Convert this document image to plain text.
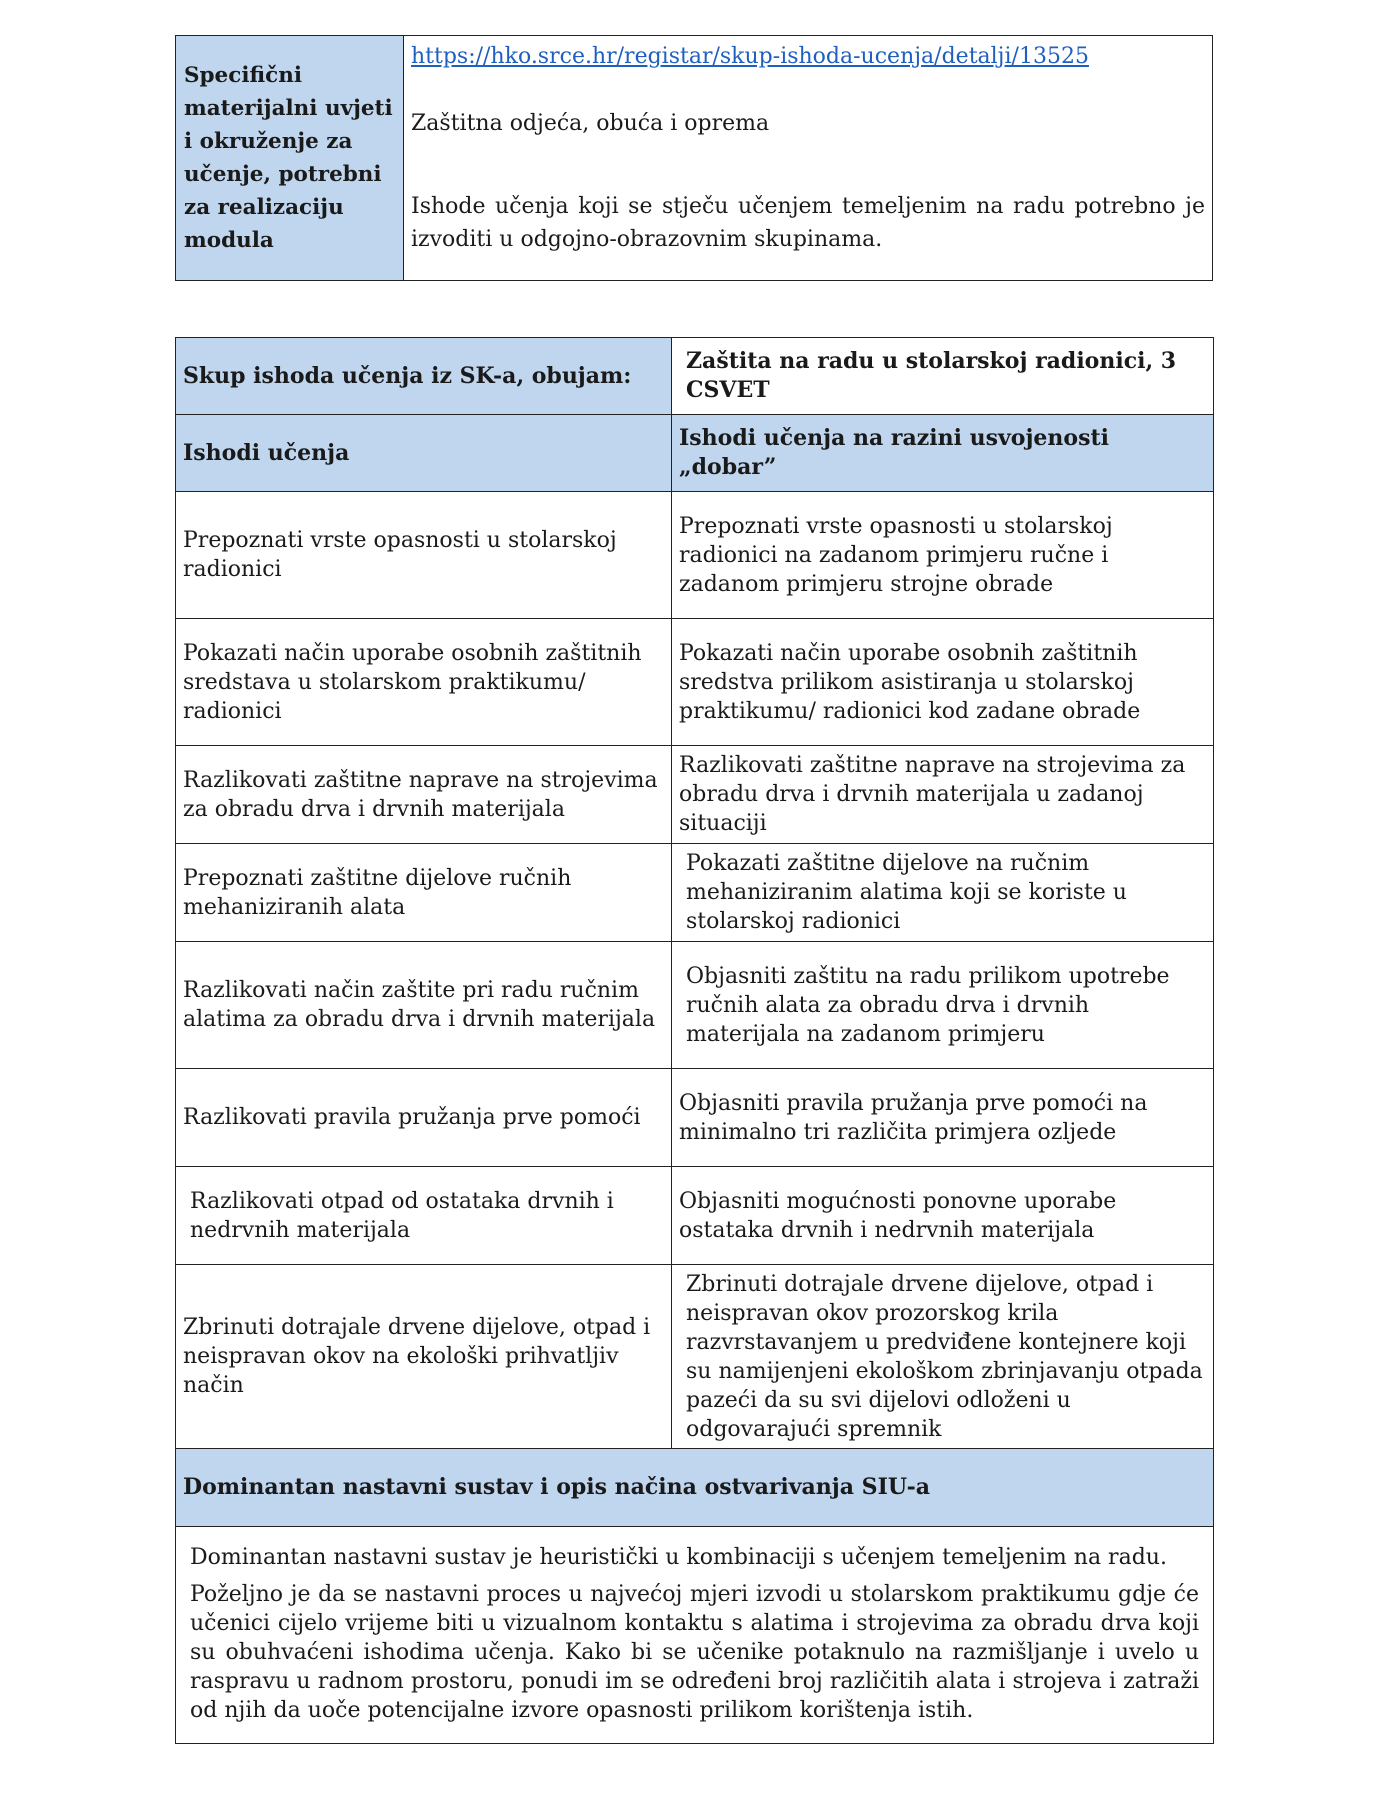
Specifični materijalni uvjeti i okruženje za učenje, potrebni za realizaciju modula	
https://hko.srce.hr/registar/skup-ishoda-ucenja/detalji/13525
Zaštitna odjeća, obuća i oprema
Ishode učenja koji se stječu učenjem temeljenim na radu potrebno je izvoditi u odgojno-obrazovnim skupinama.
Skup ishoda učenja iz SK-a, obujam:	Zaštita na radu u stolarskoj radionici, 3 CSVET
Ishodi učenja	Ishodi učenja na razini usvojenosti „dobar”
Prepoznati vrste opasnosti u stolarskoj radionici	Prepoznati vrste opasnosti u stolarskoj radionici na zadanom primjeru ručne i zadanom primjeru strojne obrade
Pokazati način uporabe osobnih zaštitnih sredstava u stolarskom praktikumu/ radionici	Pokazati način uporabe osobnih zaštitnih sredstva prilikom asistiranja u stolarskoj praktikumu/ radionici kod zadane obrade
Razlikovati zaštitne naprave na strojevima za obradu drva i drvnih materijala	Razlikovati zaštitne naprave na strojevima za obradu drva i drvnih materijala u zadanoj situaciji
Prepoznati zaštitne dijelove ručnih mehaniziranih alata	Pokazati zaštitne dijelove na ručnim mehaniziranim alatima koji se koriste u stolarskoj radionici
Razlikovati način zaštite pri radu ručnim alatima za obradu drva i drvnih materijala	Objasniti zaštitu na radu prilikom upotrebe ručnih alata za obradu drva i drvnih materijala na zadanom primjeru
Razlikovati pravila pružanja prve pomoći	Objasniti pravila pružanja prve pomoći na minimalno tri različita primjera ozljede
Razlikovati otpad od ostataka drvnih i nedrvnih materijala	Objasniti mogućnosti ponovne uporabe ostataka drvnih i nedrvnih materijala
Zbrinuti dotrajale drvene dijelove, otpad i neispravan okov na ekološki prihvatljiv način	Zbrinuti dotrajale drvene dijelove, otpad i neispravan okov prozorskog krila razvrstavanjem u predviđene kontejnere koji su namijenjeni ekološkom zbrinjavanju otpada pazeći da su svi dijelovi odloženi u odgovarajući spremnik
Dominantan nastavni sustav i opis načina ostvarivanja SIU-a	

Dominantan nastavni sustav je heuristički u kombinaciji s učenjem temeljenim na radu.
Poželjno je da se nastavni proces u najvećoj mjeri izvodi u stolarskom praktikumu gdje će učenici cijelo vrijeme biti u vizualnom kontaktu s alatima i strojevima za obradu drva koji su obuhvaćeni ishodima učenja. Kako bi se učenike potaknulo na razmišljanje i uvelo u raspravu u radnom prostoru, ponudi im se određeni broj različitih alata i strojeva i zatraži od njih da uoče potencijalne izvore opasnosti prilikom korištenja istih.	
